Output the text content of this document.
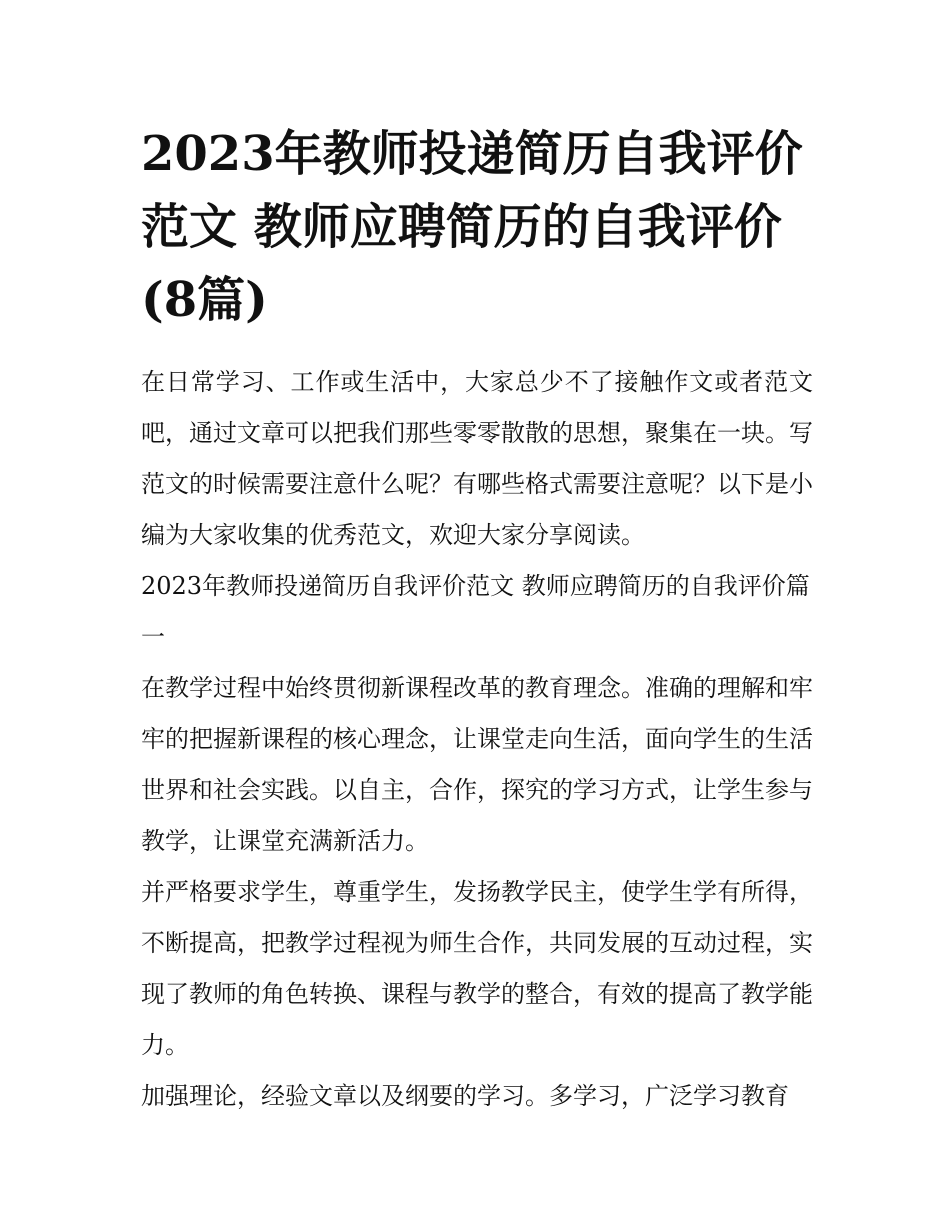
2023年教师投递简历自我评价范文 教师应聘简历的自我评价(8篇)

在日常学习、工作或生活中，大家总少不了接触作文或者范文吧，通过文章可以把我们那些零零散散的思想，聚集在一块。写范文的时候需要注意什么呢？有哪些格式需要注意呢？以下是小编为大家收集的优秀范文，欢迎大家分享阅读。

2023年教师投递简历自我评价范文 教师应聘简历的自我评价篇一

在教学过程中始终贯彻新课程改革的教育理念。准确的理解和牢牢的把握新课程的核心理念，让课堂走向生活，面向学生的生活世界和社会实践。以自主，合作，探究的学习方式，让学生参与教学，让课堂充满新活力。

并严格要求学生，尊重学生，发扬教学民主，使学生学有所得，不断提高，把教学过程视为师生合作，共同发展的互动过程，实现了教师的角色转换、课程与教学的整合，有效的提高了教学能力。

加强理论，经验文章以及纲要的学习。多学习，广泛学习教育
